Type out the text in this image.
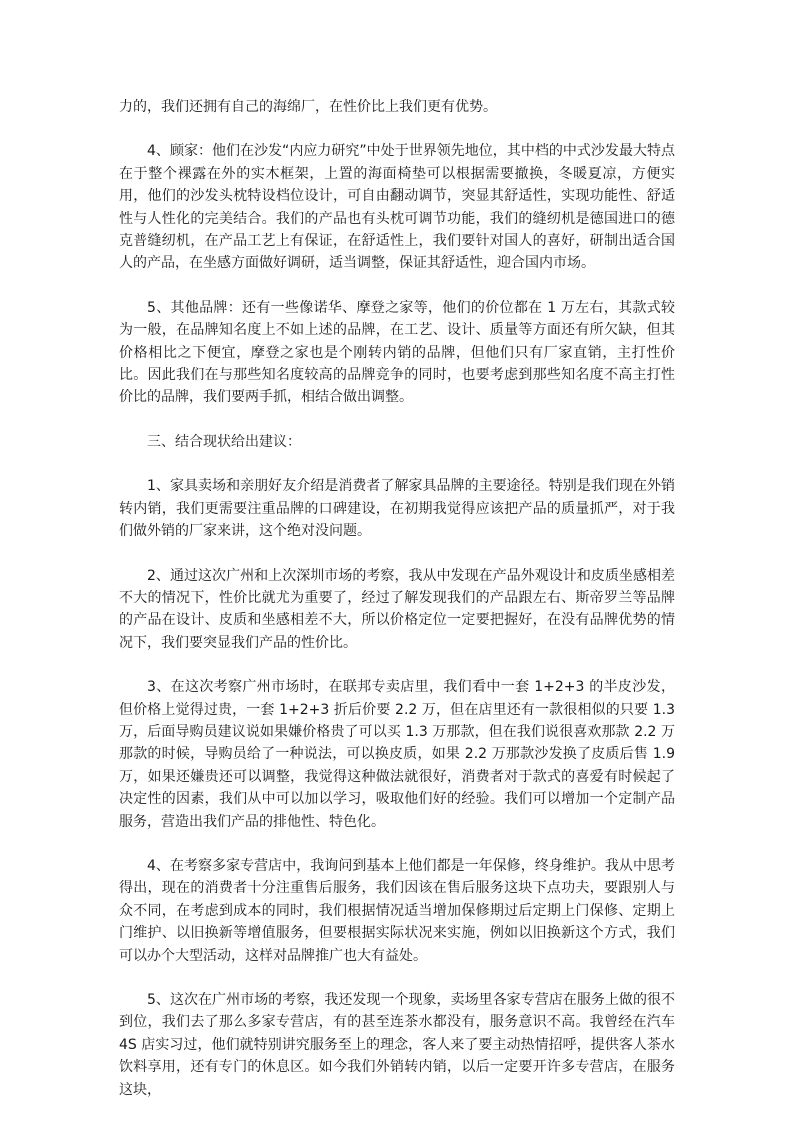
力的，我们还拥有自己的海绵厂，在性价比上我们更有优势。

4、顾家：他们在沙发“内应力研究”中处于世界领先地位，其中档的中式沙发最大特点在于整个裸露在外的实木框架，上置的海面椅垫可以根据需要撤换，冬暖夏凉，方便实用，他们的沙发头枕特设档位设计，可自由翻动调节，突显其舒适性，实现功能性、舒适性与人性化的完美结合。我们的产品也有头枕可调节功能，我们的缝纫机是德国进口的德克普缝纫机，在产品工艺上有保证，在舒适性上，我们要针对国人的喜好，研制出适合国人的产品，在坐感方面做好调研，适当调整，保证其舒适性，迎合国内市场。

5、其他品牌：还有一些像诺华、摩登之家等，他们的价位都在 1 万左右，其款式较为一般，在品牌知名度上不如上述的品牌，在工艺、设计、质量等方面还有所欠缺，但其价格相比之下便宜，摩登之家也是个刚转内销的品牌，但他们只有厂家直销，主打性价比。因此我们在与那些知名度较高的品牌竞争的同时，也要考虑到那些知名度不高主打性价比的品牌，我们要两手抓，相结合做出调整。

三、结合现状给出建议：

1、家具卖场和亲朋好友介绍是消费者了解家具品牌的主要途径。特别是我们现在外销转内销，我们更需要注重品牌的口碑建设，在初期我觉得应该把产品的质量抓严，对于我们做外销的厂家来讲，这个绝对没问题。

2、通过这次广州和上次深圳市场的考察，我从中发现在产品外观设计和皮质坐感相差不大的情况下，性价比就尤为重要了，经过了解发现我们的产品跟左右、斯帝罗兰等品牌的产品在设计、皮质和坐感相差不大，所以价格定位一定要把握好，在没有品牌优势的情况下，我们要突显我们产品的性价比。

3、在这次考察广州市场时，在联邦专卖店里，我们看中一套 1+2+3 的半皮沙发，但价格上觉得过贵，一套 1+2+3 折后价要 2.2 万，但在店里还有一款很相似的只要 1.3 万，后面导购员建议说如果嫌价格贵了可以买 1.3 万那款，但在我们说很喜欢那款 2.2 万那款的时候，导购员给了一种说法，可以换皮质，如果 2.2 万那款沙发换了皮质后售 1.9 万，如果还嫌贵还可以调整，我觉得这种做法就很好，消费者对于款式的喜爱有时候起了决定性的因素，我们从中可以加以学习，吸取他们好的经验。我们可以增加一个定制产品服务，营造出我们产品的排他性、特色化。

4、在考察多家专营店中，我询问到基本上他们都是一年保修，终身维护。我从中思考得出，现在的消费者十分注重售后服务，我们因该在售后服务这块下点功夫，要跟别人与众不同，在考虑到成本的同时，我们根据情况适当增加保修期过后定期上门保修、定期上门维护、以旧换新等增值服务，但要根据实际状况来实施，例如以旧换新这个方式，我们可以办个大型活动，这样对品牌推广也大有益处。

5、这次在广州市场的考察，我还发现一个现象，卖场里各家专营店在服务上做的很不到位，我们去了那么多家专营店，有的甚至连茶水都没有，服务意识不高。我曾经在汽车 4S 店实习过，他们就特别讲究服务至上的理念，客人来了要主动热情招呼，提供客人茶水饮料享用，还有专门的休息区。如今我们外销转内销，以后一定要开许多专营店，在服务这块，
